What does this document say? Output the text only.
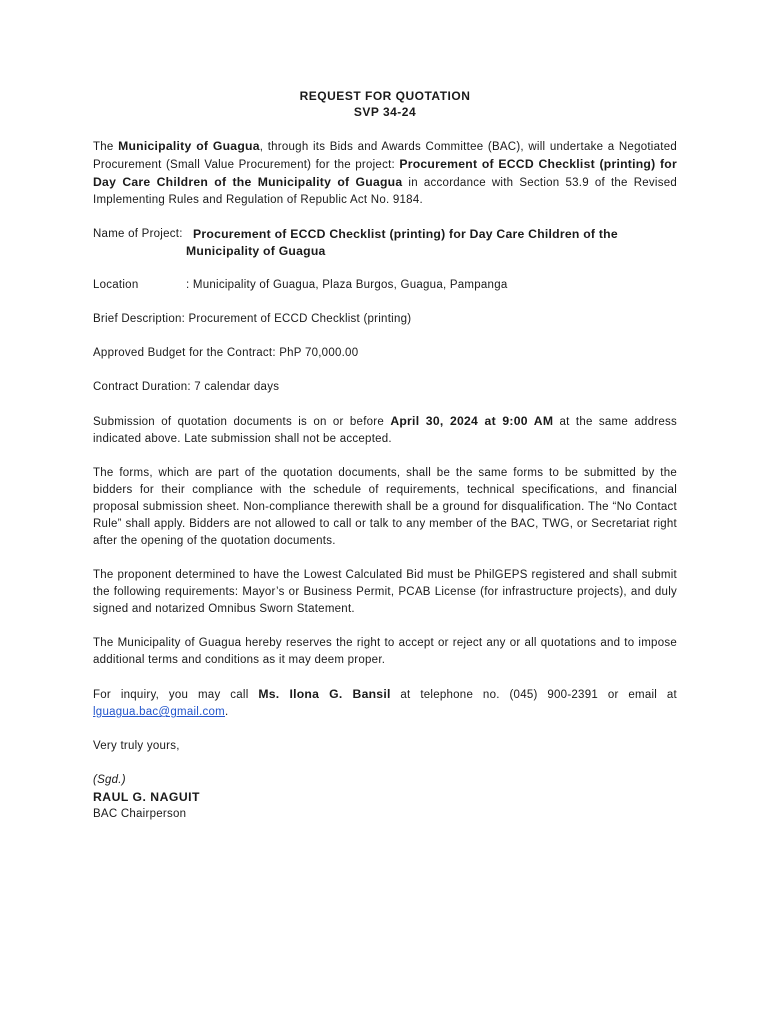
REQUEST FOR QUOTATION
SVP 34-24

The Municipality of Guagua, through its Bids and Awards Committee (BAC), will undertake a Negotiated Procurement (Small Value Procurement) for the project: Procurement of ECCD Checklist (printing) for Day Care Children of the Municipality of Guagua in accordance with Section 53.9 of the Revised Implementing Rules and Regulation of Republic Act No. 9184.

Name of Project: Procurement of ECCD Checklist (printing) for Day Care Children of the
Municipality of Guagua
Location	: Municipality of Guagua, Plaza Burgos, Guagua, Pampanga

Brief Description: Procurement of ECCD Checklist (printing)

Approved Budget for the Contract: PhP 70,000.00

Contract Duration: 7 calendar days

Submission of quotation documents is on or before April 30, 2024 at 9:00 AM at the same address indicated above. Late submission shall not be accepted.

The forms, which are part of the quotation documents, shall be the same forms to be submitted by the bidders for their compliance with the schedule of requirements, technical specifications, and financial proposal submission sheet. Non-compliance therewith shall be a ground for disqualification. The “No Contact Rule” shall apply. Bidders are not allowed to call or talk to any member of the BAC, TWG, or Secretariat right after the opening of the quotation documents.

The proponent determined to have the Lowest Calculated Bid must be PhilGEPS registered and shall submit the following requirements: Mayor’s or Business Permit, PCAB License (for infrastructure projects), and duly signed and notarized Omnibus Sworn Statement.

The Municipality of Guagua hereby reserves the right to accept or reject any or all quotations and to impose additional terms and conditions as it may deem proper.

For inquiry, you may call Ms. Ilona G. Bansil at telephone no. (045) 900-2391 or email at lguagua.bac@gmail.com.

Very truly yours,

(Sgd.)
RAUL G. NAGUIT
BAC Chairperson
